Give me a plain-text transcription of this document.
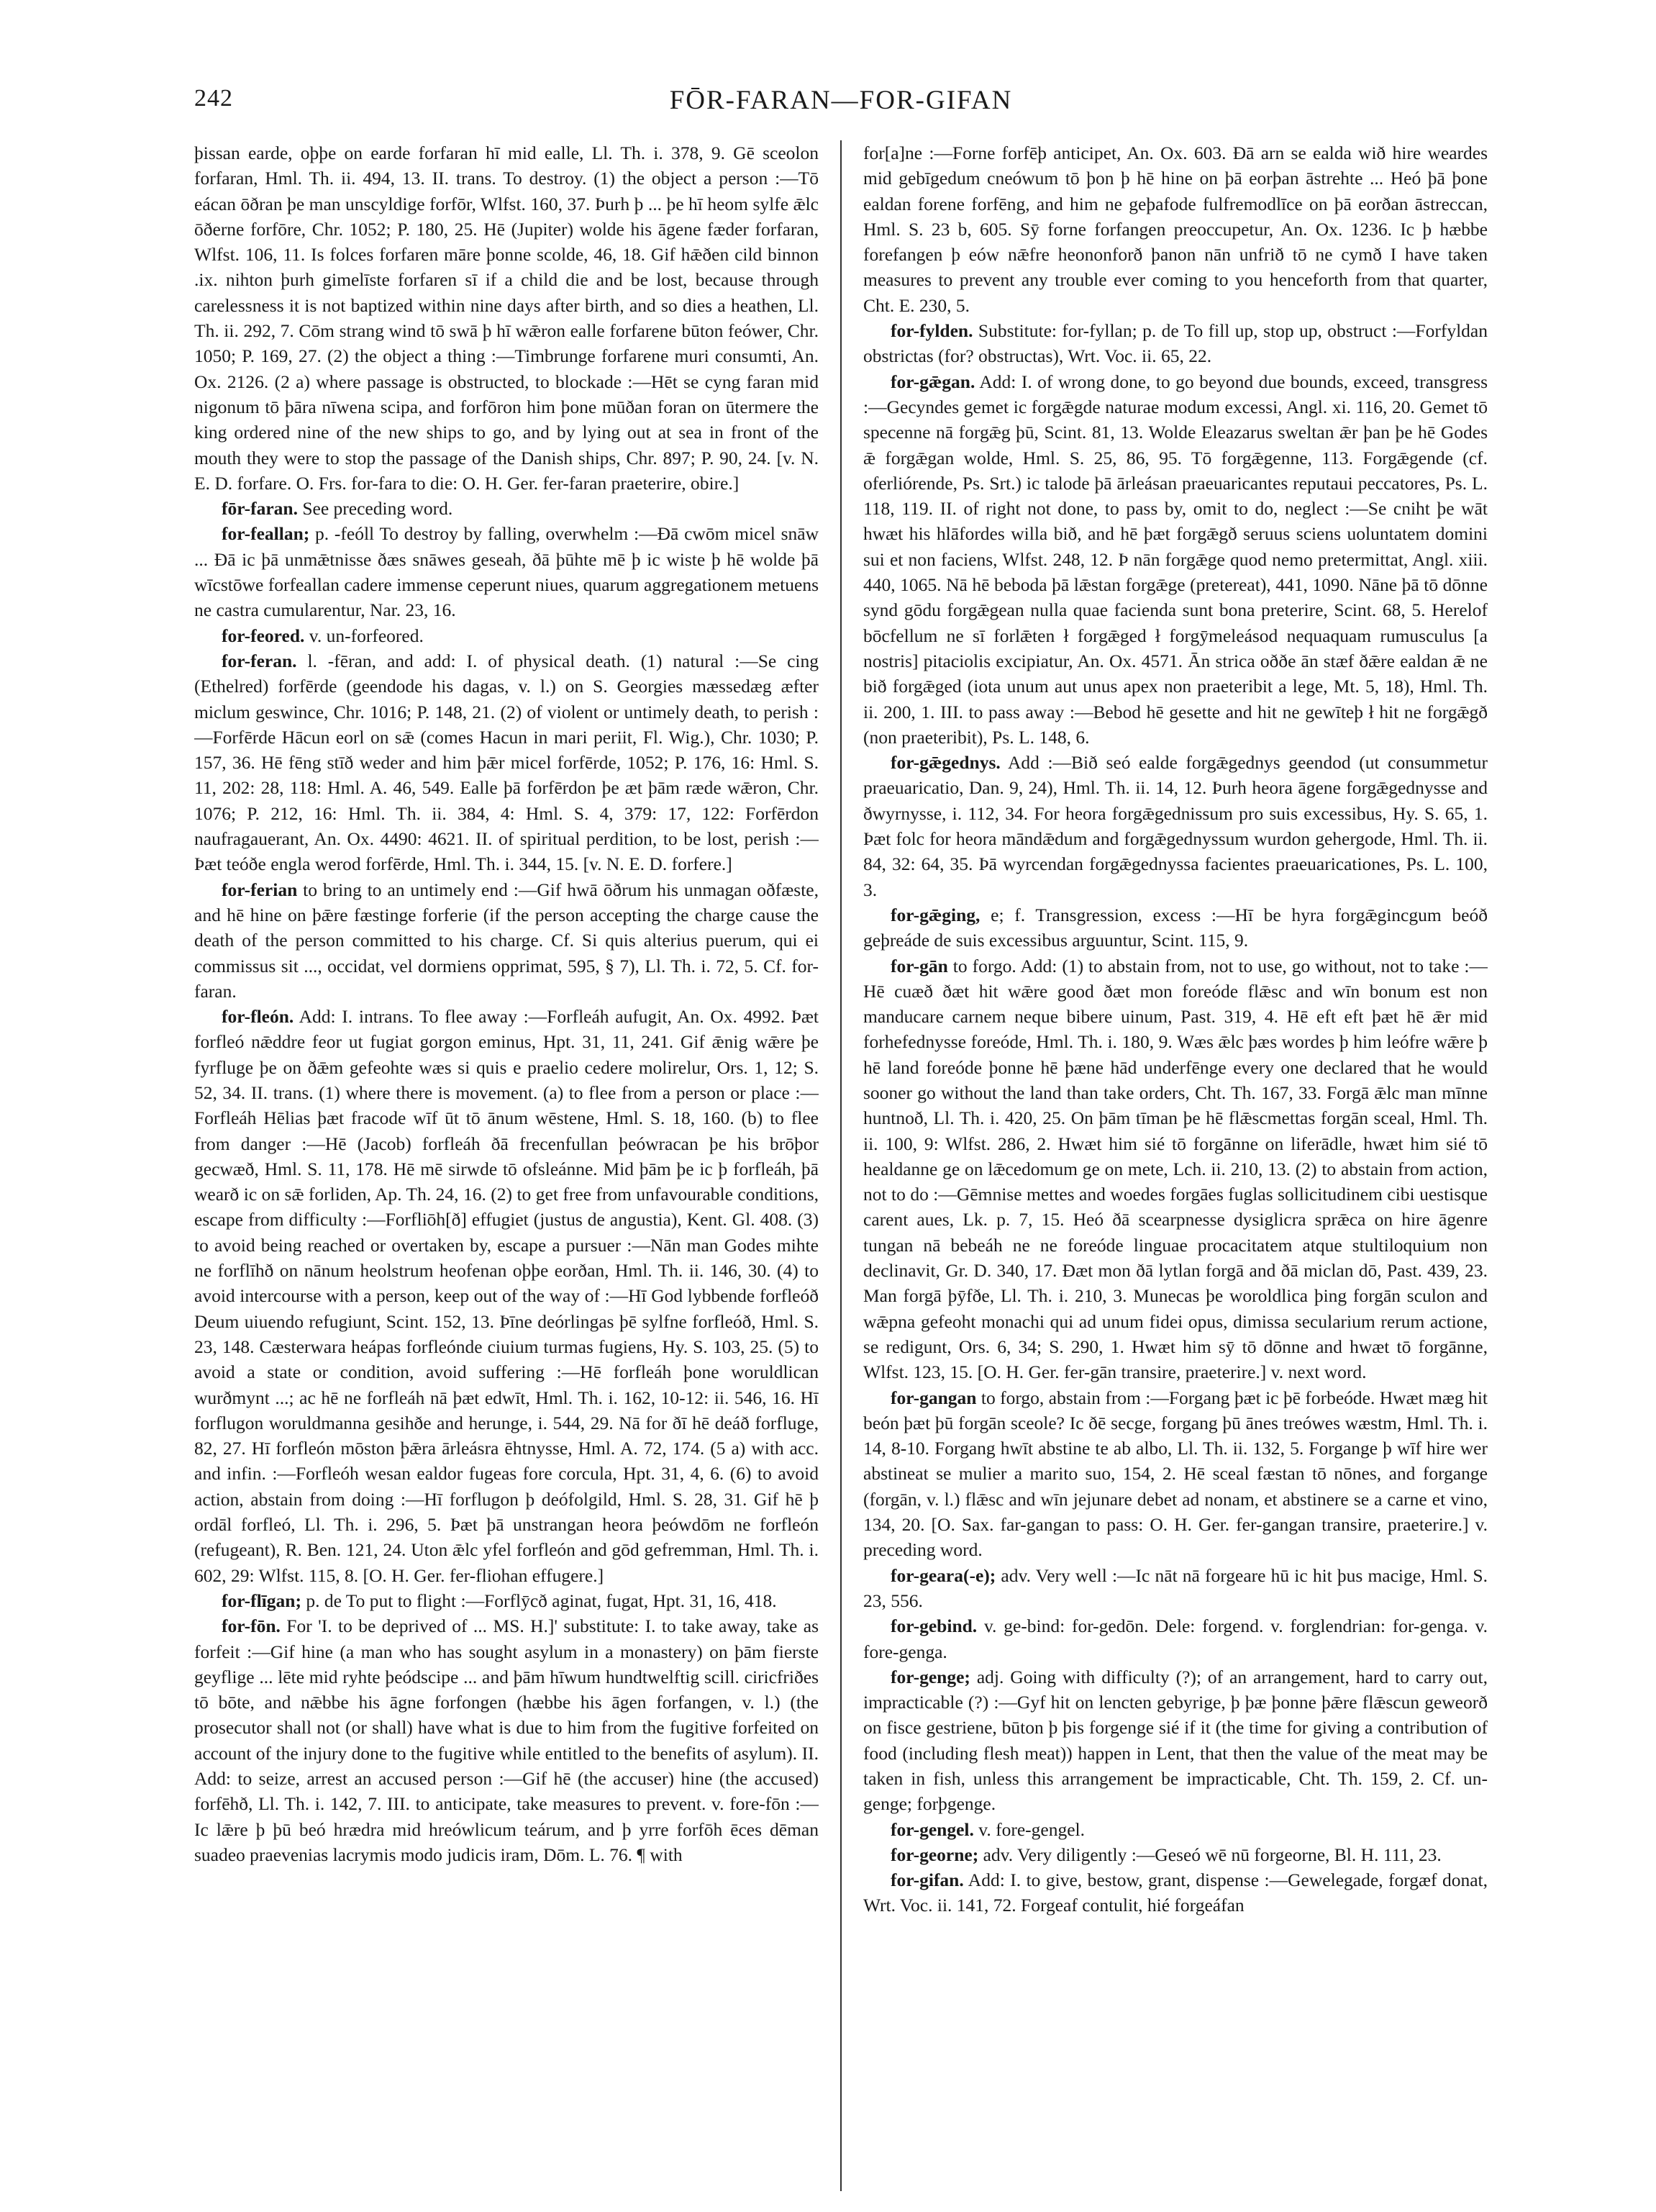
242	FŌR-FARAN—FOR-GIFAN

þissan earde, oþþe on earde forfaran hī mid ealle, Ll. Th. i. 378, 9. Gē sceolon forfaran, Hml. Th. ii. 494, 13. II. trans. To destroy. (1) the object a person :—Tō eácan ōðran þe man unscyldige forfōr, Wlfst. 160, 37. Þurh þ ... þe hī heom sylfe ǣlc ōðerne forfōre, Chr. 1052; P. 180, 25. Hē (Jupiter) wolde his āgene fæder forfaran, Wlfst. 106, 11. Is folces forfaren māre þonne scolde, 46, 18. Gif hǣðen cild binnon .ix. nihton þurh gimelīste forfaren sī if a child die and be lost, because through carelessness it is not baptized within nine days after birth, and so dies a heathen, Ll. Th. ii. 292, 7. Cōm strang wind tō swā þ hī wǣron ealle forfarene būton feówer, Chr. 1050; P. 169, 27. (2) the object a thing :—Timbrunge forfarene muri consumti, An. Ox. 2126. (2 a) where passage is obstructed, to blockade :—Hēt se cyng faran mid nigonum tō þāra nīwena scipa, and forfōron him þone mūðan foran on ūtermere the king ordered nine of the new ships to go, and by lying out at sea in front of the mouth they were to stop the passage of the Danish ships, Chr. 897; P. 90, 24. [v. N. E. D. forfare. O. Frs. for-fara to die: O. H. Ger. fer-faran praeterire, obire.]

fōr-faran. See preceding word.

for-feallan; p. -feóll To destroy by falling, overwhelm :—Ðā cwōm micel snāw ... Ðā ic þā unmǣtnisse ðæs snāwes geseah, ðā þūhte mē þ ic wiste þ hē wolde þā wīcstōwe forfeallan cadere immense ceperunt niues, quarum aggregationem metuens ne castra cumularentur, Nar. 23, 16.

for-feored. v. un-forfeored.

for-feran. l. -fēran, and add: I. of physical death. (1) natural :—Se cing (Ethelred) forfērde (geendode his dagas, v. l.) on S. Georgies mæssedæg æfter miclum geswince, Chr. 1016; P. 148, 21. (2) of violent or untimely death, to perish :—Forfērde Hācun eorl on sǣ (comes Hacun in mari periit, Fl. Wig.), Chr. 1030; P. 157, 36. Hē fēng stīð weder and him þǣr micel forfērde, 1052; P. 176, 16: Hml. S. 11, 202: 28, 118: Hml. A. 46, 549. Ealle þā forfērdon þe æt þām ræde wǣron, Chr. 1076; P. 212, 16: Hml. Th. ii. 384, 4: Hml. S. 4, 379: 17, 122: Forfērdon naufragauerant, An. Ox. 4490: 4621. II. of spiritual perdition, to be lost, perish :—Þæt teóðe engla werod forfērde, Hml. Th. i. 344, 15. [v. N. E. D. forfere.]

for-ferian to bring to an untimely end :—Gif hwā ōðrum his unmagan oðfæste, and hē hine on þǣre fæstinge forferie (if the person accepting the charge cause the death of the person committed to his charge. Cf. Si quis alterius puerum, qui ei commissus sit ..., occidat, vel dormiens opprimat, 595, § 7), Ll. Th. i. 72, 5. Cf. for-faran.

for-fleón. Add: I. intrans. To flee away :—Forfleáh aufugit, An. Ox. 4992. Þæt forfleó nǣddre feor ut fugiat gorgon eminus, Hpt. 31, 11, 241. Gif ǣnig wǣre þe fyrfluge þe on ðǣm gefeohte wæs si quis e praelio cedere molirelur, Ors. 1, 12; S. 52, 34. II. trans. (1) where there is movement. (a) to flee from a person or place :—Forfleáh Hēlias þæt fracode wīf ūt tō ānum wēstene, Hml. S. 18, 160. (b) to flee from danger :—Hē (Jacob) forfleáh ðā frecenfullan þeówracan þe his brōþor gecwæð, Hml. S. 11, 178. Hē mē sirwde tō ofsleánne. Mid þām þe ic þ forfleáh, þā wearð ic on sǣ forliden, Ap. Th. 24, 16. (2) to get free from unfavourable conditions, escape from difficulty :—Forfliōh[ð] effugiet (justus de angustia), Kent. Gl. 408. (3) to avoid being reached or overtaken by, escape a pursuer :—Nān man Godes mihte ne forflīhð on nānum heolstrum heofenan oþþe eorðan, Hml. Th. ii. 146, 30. (4) to avoid intercourse with a person, keep out of the way of :—Hī God lybbende forfleóð Deum uiuendo refugiunt, Scint. 152, 13. Þīne deórlingas þē sylfne forfleóð, Hml. S. 23, 148. Cæsterwara heápas forfleónde ciuium turmas fugiens, Hy. S. 103, 25. (5) to avoid a state or condition, avoid suffering :—Hē forfleáh þone woruldlican wurðmynt ...; ac hē ne forfleáh nā þæt edwīt, Hml. Th. i. 162, 10-12: ii. 546, 16. Hī forflugon woruldmanna gesihðe and herunge, i. 544, 29. Nā for ðī hē deáð forfluge, 82, 27. Hī forfleón mōston þǣra ārleásra ēhtnysse, Hml. A. 72, 174. (5 a) with acc. and infin. :—Forfleóh wesan ealdor fugeas fore corcula, Hpt. 31, 4, 6. (6) to avoid action, abstain from doing :—Hī forflugon þ deófolgild, Hml. S. 28, 31. Gif hē þ ordāl forfleó, Ll. Th. i. 296, 5. Þæt þā unstrangan heora þeówdōm ne forfleón (refugeant), R. Ben. 121, 24. Uton ǣlc yfel forfleón and gōd gefremman, Hml. Th. i. 602, 29: Wlfst. 115, 8. [O. H. Ger. fer-fliohan effugere.]

for-flīgan; p. de To put to flight :—Forflȳcð aginat, fugat, Hpt. 31, 16, 418.

for-fōn. For 'I. to be deprived of ... MS. H.]' substitute: I. to take away, take as forfeit :—Gif hine (a man who has sought asylum in a monastery) on þām fierste geyflige ... lēte mid ryhte þeódscipe ... and þām hīwum hundtwelftig scill. ciricfriðes tō bōte, and nǣbbe his āgne forfongen (hæbbe his āgen forfangen, v. l.) (the prosecutor shall not (or shall) have what is due to him from the fugitive forfeited on account of the injury done to the fugitive while entitled to the benefits of asylum). II. Add: to seize, arrest an accused person :—Gif hē (the accuser) hine (the accused) forfēhð, Ll. Th. i. 142, 7. III. to anticipate, take measures to prevent. v. fore-fōn :—Ic lǣre þ þū beó hrædra mid hreówlicum teárum, and þ yrre forfōh ēces dēman suadeo praevenias lacrymis modo judicis iram, Dōm. L. 76. ¶ with

for[a]ne :—Forne forfēþ anticipet, An. Ox. 603. Ðā arn se ealda wið hire weardes mid gebīgedum cneówum tō þon þ hē hine on þā eorþan āstrehte ... Heó þā þone ealdan forene forfēng, and him ne geþafode fulfremodlīce on þā eorðan āstreccan, Hml. S. 23 b, 605. Sȳ forne forfangen preoccupetur, An. Ox. 1236. Ic þ hæbbe forefangen þ eów nǣfre heononforð þanon nān unfrið tō ne cymð I have taken measures to prevent any trouble ever coming to you henceforth from that quarter, Cht. E. 230, 5.

for-fylden. Substitute: for-fyllan; p. de To fill up, stop up, obstruct :—Forfyldan obstrictas (for? obstructas), Wrt. Voc. ii. 65, 22.

for-gǣgan. Add: I. of wrong done, to go beyond due bounds, exceed, transgress :—Gecyndes gemet ic forgǣgde naturae modum excessi, Angl. xi. 116, 20. Gemet tō specenne nā forgǣg þū, Scint. 81, 13. Wolde Eleazarus sweltan ǣr þan þe hē Godes ǣ forgǣgan wolde, Hml. S. 25, 86, 95. Tō forgǣgenne, 113. Forgǣgende (cf. oferliórende, Ps. Srt.) ic talode þā ārleásan praeuaricantes reputaui peccatores, Ps. L. 118, 119. II. of right not done, to pass by, omit to do, neglect :—Se cniht þe wāt hwæt his hlāfordes willa bið, and hē þæt forgǣgð seruus sciens uoluntatem domini sui et non faciens, Wlfst. 248, 12. Þ nān forgǣge quod nemo pretermittat, Angl. xiii. 440, 1065. Nā hē beboda þā lǣstan forgǣge (pretereat), 441, 1090. Nāne þā tō dōnne synd gōdu forgǣgean nulla quae facienda sunt bona preterire, Scint. 68, 5. Herelof bōcfellum ne sī forlǣten ł forgǣged ł forgȳmeleásod nequaquam rumusculus [a nostris] pitaciolis excipiatur, An. Ox. 4571. Ān strica oððe ān stæf ðǣre ealdan ǣ ne bið forgǣged (iota unum aut unus apex non praeteribit a lege, Mt. 5, 18), Hml. Th. ii. 200, 1. III. to pass away :—Bebod hē gesette and hit ne gewīteþ ł hit ne forgǣgð (non praeteribit), Ps. L. 148, 6.

for-gǣgednys. Add :—Bið seó ealde forgǣgednys geendod (ut consummetur praeuaricatio, Dan. 9, 24), Hml. Th. ii. 14, 12. Þurh heora āgene forgǣgednysse and ðwyrnysse, i. 112, 34. For heora forgǣgednissum pro suis excessibus, Hy. S. 65, 1. Þæt folc for heora māndǣdum and forgǣgednyssum wurdon gehergode, Hml. Th. ii. 84, 32: 64, 35. Þā wyrcendan forgǣgednyssa facientes praeuaricationes, Ps. L. 100, 3.

for-gǣging, e; f. Transgression, excess :—Hī be hyra forgǣgincgum beóð geþreáde de suis excessibus arguuntur, Scint. 115, 9.

for-gān to forgo. Add: (1) to abstain from, not to use, go without, not to take :—Hē cuæð ðæt hit wǣre good ðæt mon foreóde flǣsc and wīn bonum est non manducare carnem neque bibere uinum, Past. 319, 4. Hē eft eft þæt hē ǣr mid forhefednysse foreóde, Hml. Th. i. 180, 9. Wæs ǣlc þæs wordes þ him leófre wǣre þ hē land foreóde þonne hē þæne hād underfēnge every one declared that he would sooner go without the land than take orders, Cht. Th. 167, 33. Forgā ǣlc man mīnne huntnoð, Ll. Th. i. 420, 25. On þām tīman þe hē flǣscmettas forgān sceal, Hml. Th. ii. 100, 9: Wlfst. 286, 2. Hwæt him sié tō forgānne on liferādle, hwæt him sié tō healdanne ge on lǣcedomum ge on mete, Lch. ii. 210, 13. (2) to abstain from action, not to do :—Gēmnise mettes and woedes forgāes fuglas sollicitudinem cibi uestisque carent aues, Lk. p. 7, 15. Heó ðā scearpnesse dysiglicra sprǣca on hire āgenre tungan nā bebeáh ne ne foreóde linguae procacitatem atque stultiloquium non declinavit, Gr. D. 340, 17. Ðæt mon ðā lytlan forgā and ðā miclan dō, Past. 439, 23. Man forgā þȳfðe, Ll. Th. i. 210, 3. Munecas þe woroldlica þing forgān sculon and wǣpna gefeoht monachi qui ad unum fidei opus, dimissa secularium rerum actione, se redigunt, Ors. 6, 34; S. 290, 1. Hwæt him sȳ tō dōnne and hwæt tō forgānne, Wlfst. 123, 15. [O. H. Ger. fer-gān transire, praeterire.] v. next word.

for-gangan to forgo, abstain from :—Forgang þæt ic þē forbeóde. Hwæt mæg hit beón þæt þū forgān sceole? Ic ðē secge, forgang þū ānes treówes wæstm, Hml. Th. i. 14, 8-10. Forgang hwīt abstine te ab albo, Ll. Th. ii. 132, 5. Forgange þ wīf hire wer abstineat se mulier a marito suo, 154, 2. Hē sceal fæstan tō nōnes, and forgange (forgān, v. l.) flǣsc and wīn jejunare debet ad nonam, et abstinere se a carne et vino, 134, 20. [O. Sax. far-gangan to pass: O. H. Ger. fer-gangan transire, praeterire.] v. preceding word.

for-geara(-e); adv. Very well :—Ic nāt nā forgeare hū ic hit þus macige, Hml. S. 23, 556.

for-gebind. v. ge-bind: for-gedōn. Dele: forgend. v. forglendrian: for-genga. v. fore-genga.

for-genge; adj. Going with difficulty (?); of an arrangement, hard to carry out, impracticable (?) :—Gyf hit on lencten gebyrige, þ þæ þonne þǣre flǣscun geweorð on fisce gestriene, būton þ þis forgenge sié if it (the time for giving a contribution of food (including flesh meat)) happen in Lent, that then the value of the meat may be taken in fish, unless this arrangement be impracticable, Cht. Th. 159, 2. Cf. un-genge; forþgenge.

for-gengel. v. fore-gengel.

for-georne; adv. Very diligently :—Geseó wē nū forgeorne, Bl. H. 111, 23.

for-gifan. Add: I. to give, bestow, grant, dispense :—Gewelegade, forgæf donat, Wrt. Voc. ii. 141, 72. Forgeaf contulit, hié forgeáfan
